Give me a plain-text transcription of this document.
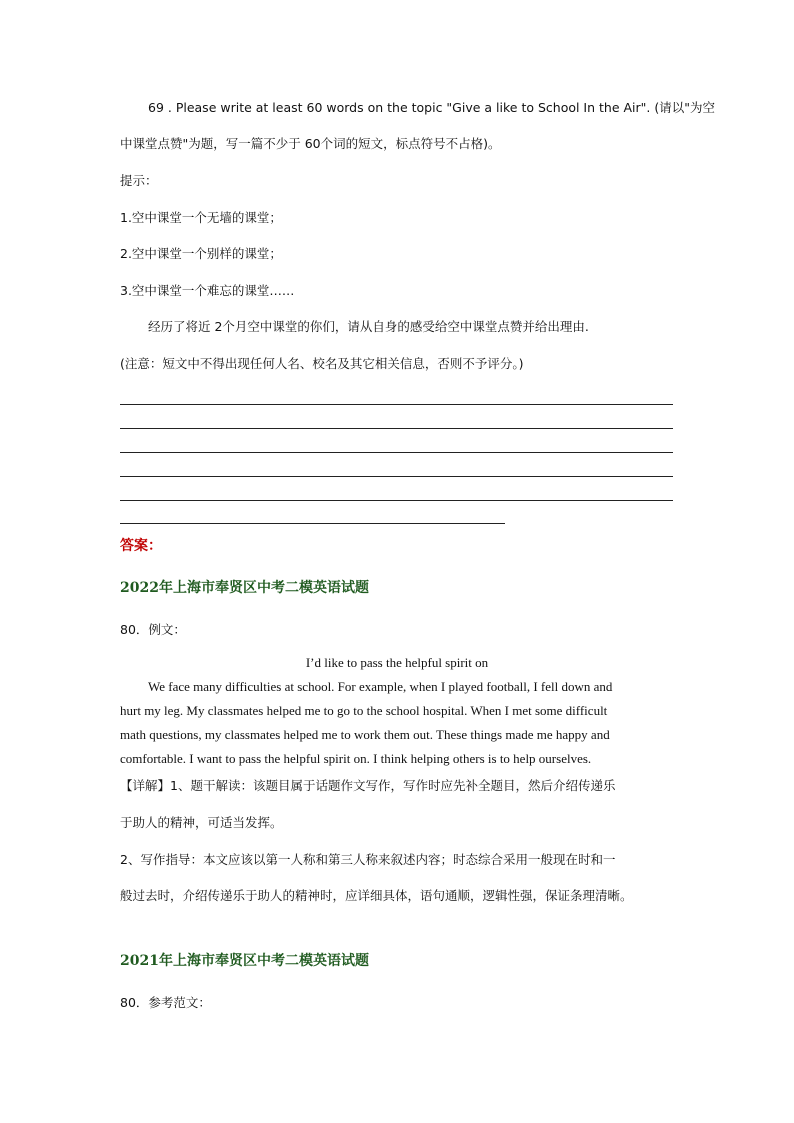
69 . Please write at least 60 words on the topic "Give a like to School In the Air". (请以"为空
中课堂点赞"为题，写一篇不少于 60个词的短文，标点符号不占格)。
提示：
1.空中课堂一个无墙的课堂；
2.空中课堂一个别样的课堂；
3.空中课堂一个难忘的课堂……
经历了将近 2个月空中课堂的你们，请从自身的感受给空中课堂点赞并给出理由.
(注意：短文中不得出现任何人名、校名及其它相关信息，否则不予评分。)
答案：
2022年上海市奉贤区中考二模英语试题
80．例文：
I’d like to pass the helpful spirit on
We face many difficulties at school. For example, when I played football, I fell down and
hurt my leg. My classmates helped me to go to the school hospital. When I met some difficult
math questions, my classmates helped me to work them out. These things made me happy and
comfortable. I want to pass the helpful spirit on. I think helping others is to help ourselves.
【详解】1、题干解读：该题目属于话题作文写作，写作时应先补全题目，然后介绍传递乐
于助人的精神，可适当发挥。
2、写作指导：本文应该以第一人称和第三人称来叙述内容；时态综合采用一般现在时和一
般过去时，介绍传递乐于助人的精神时，应详细具体，语句通顺，逻辑性强，保证条理清晰。
2021年上海市奉贤区中考二模英语试题
80．参考范文：
